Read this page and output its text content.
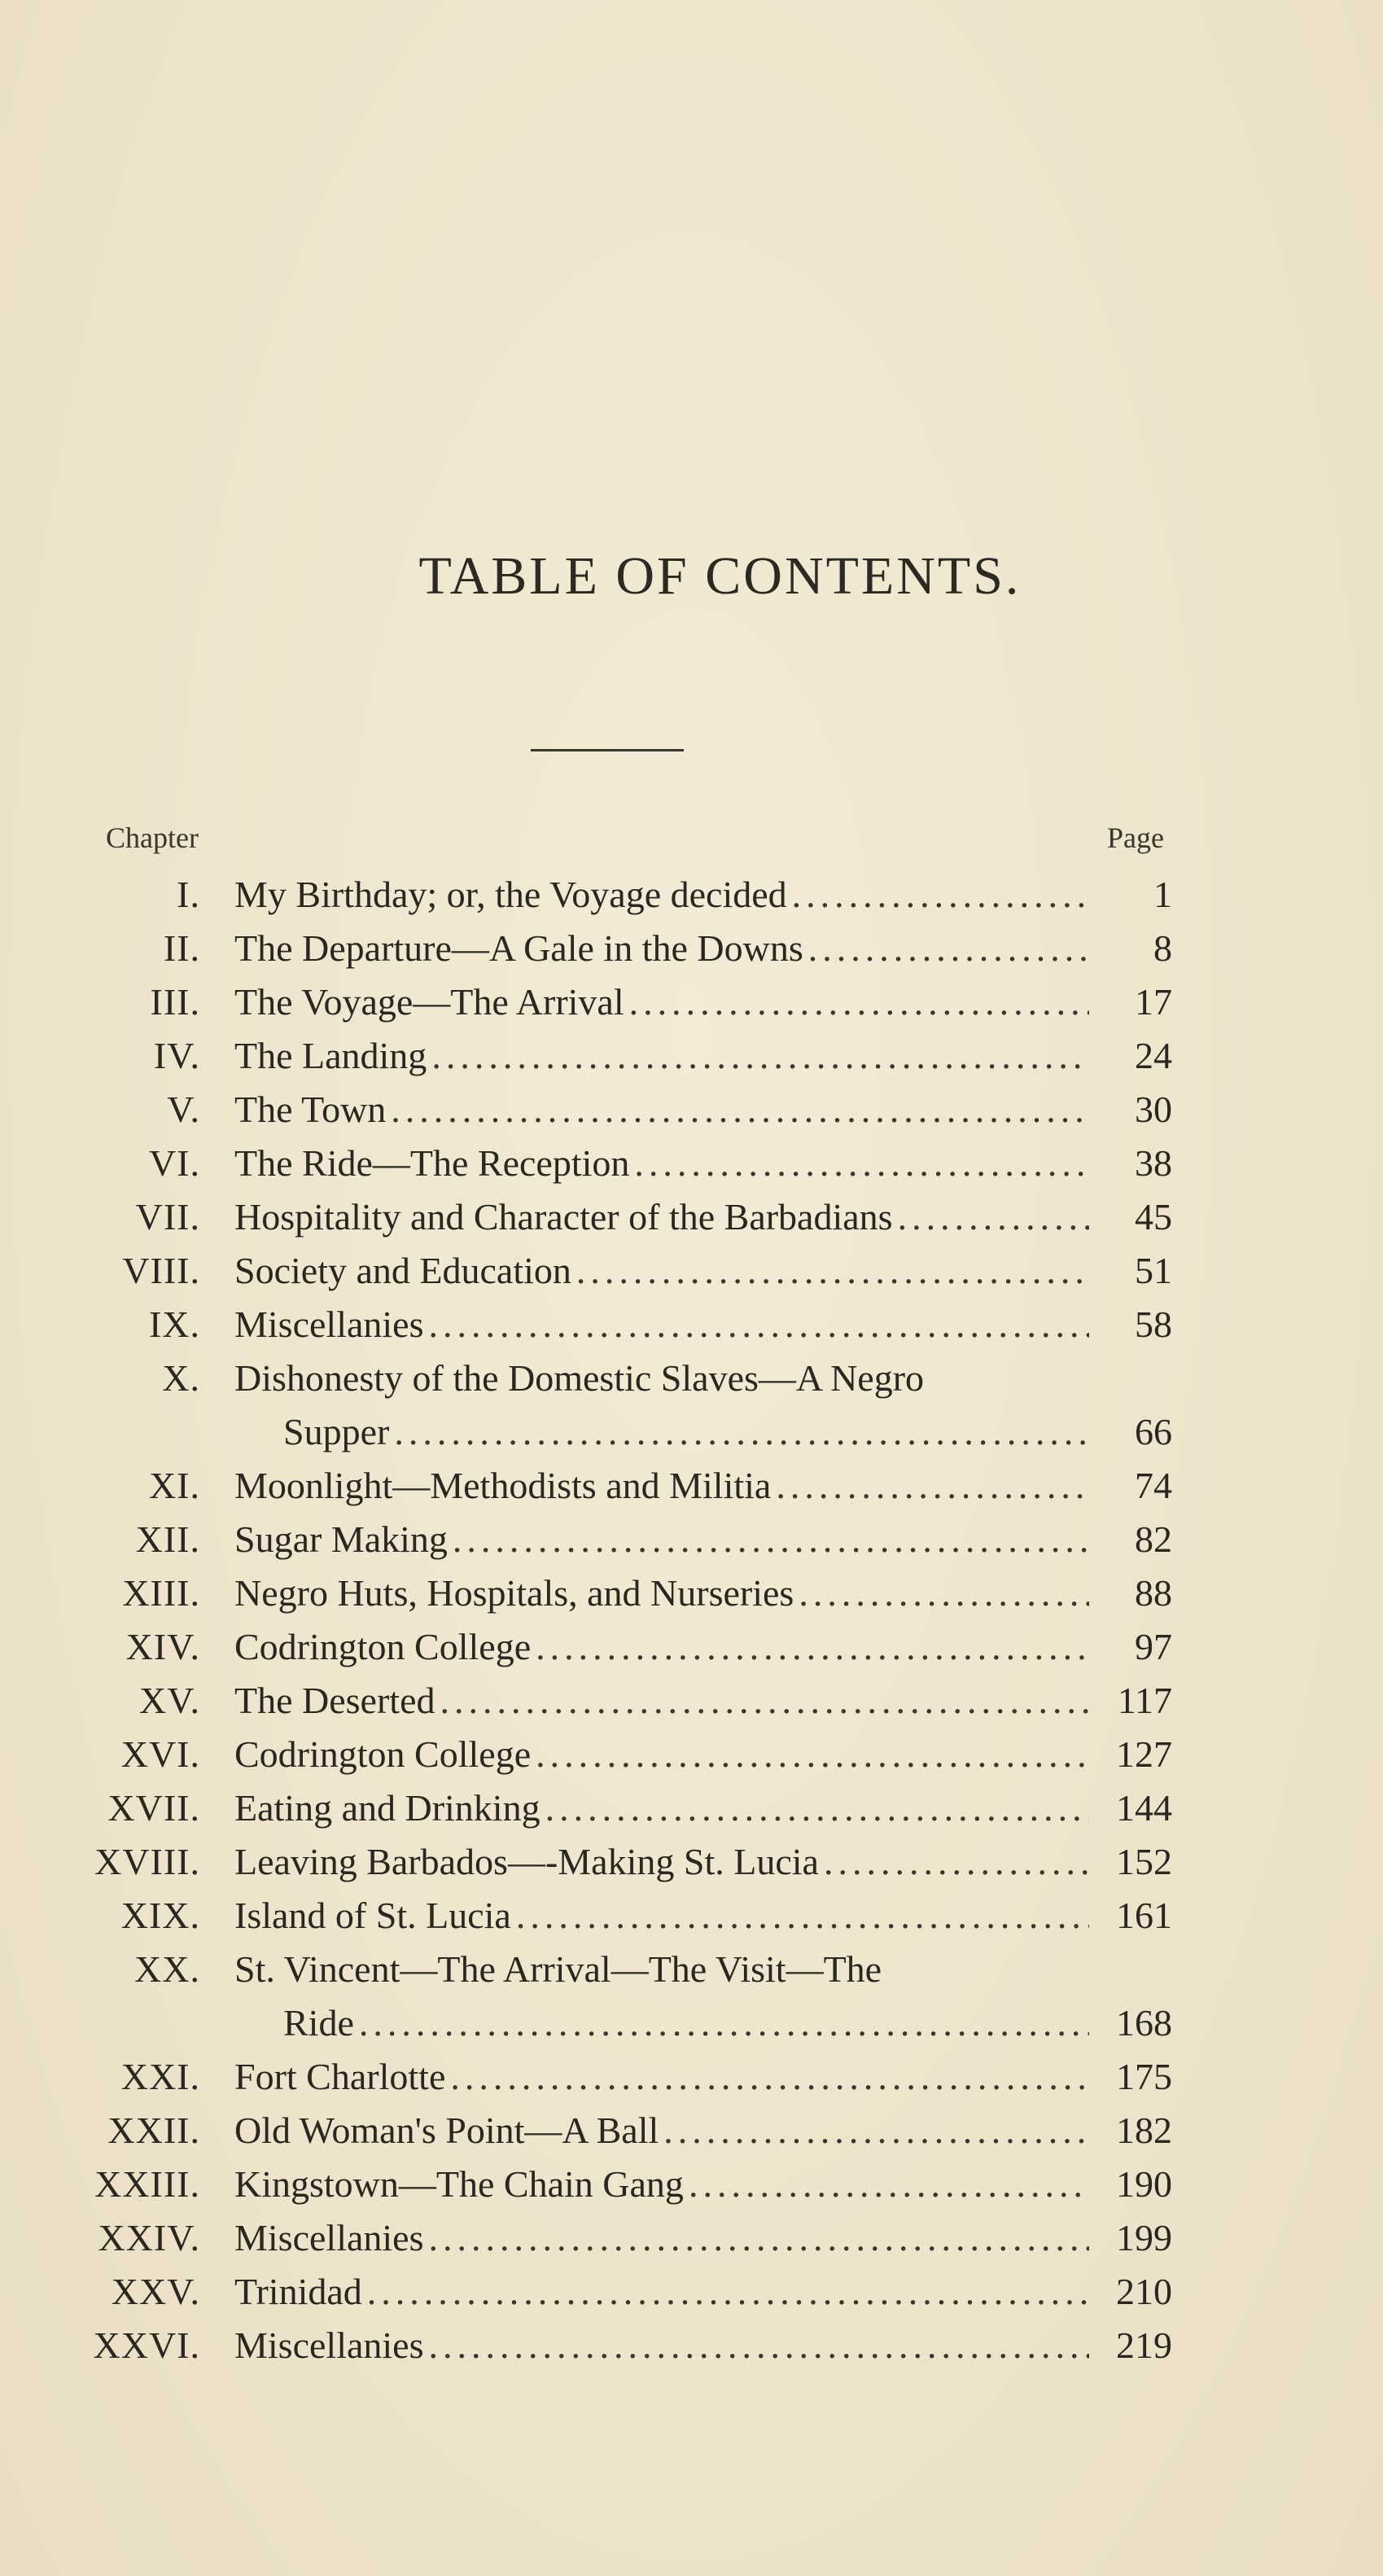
TABLE OF CONTENTS.
Chapter	Page
I. My Birthday; or, the Voyage decided .....	1
II. The Departure—A Gale in the Downs .....	8
III. The Voyage—The Arrival .....	17
IV. The Landing .....	24
V. The Town .....	30
VI. The Ride—The Reception .....	38
VII. Hospitality and Character of the Barbadians .....	45
VIII. Society and Education .....	51
IX. Miscellanies .....	58
X. Dishonesty of the Domestic Slaves—A Negro
Supper .....	66
XI. Moonlight—Methodists and Militia .....	74
XII. Sugar Making .....	82
XIII. Negro Huts, Hospitals, and Nurseries .....	88
XIV. Codrington College .....	97
XV. The Deserted .....	117
XVI. Codrington College .....	127
XVII. Eating and Drinking .....	144
XVIII. Leaving Barbados—-Making St. Lucia .....	152
XIX. Island of St. Lucia .....	161
XX. St. Vincent—The Arrival—The Visit—The
Ride .....	168
XXI. Fort Charlotte .....	175
XXII. Old Woman's Point—A Ball .....	182
XXIII. Kingstown—The Chain Gang .....	190
XXIV. Miscellanies .....	199
XXV. Trinidad .....	210
XXVI. Miscellanies .....	219
